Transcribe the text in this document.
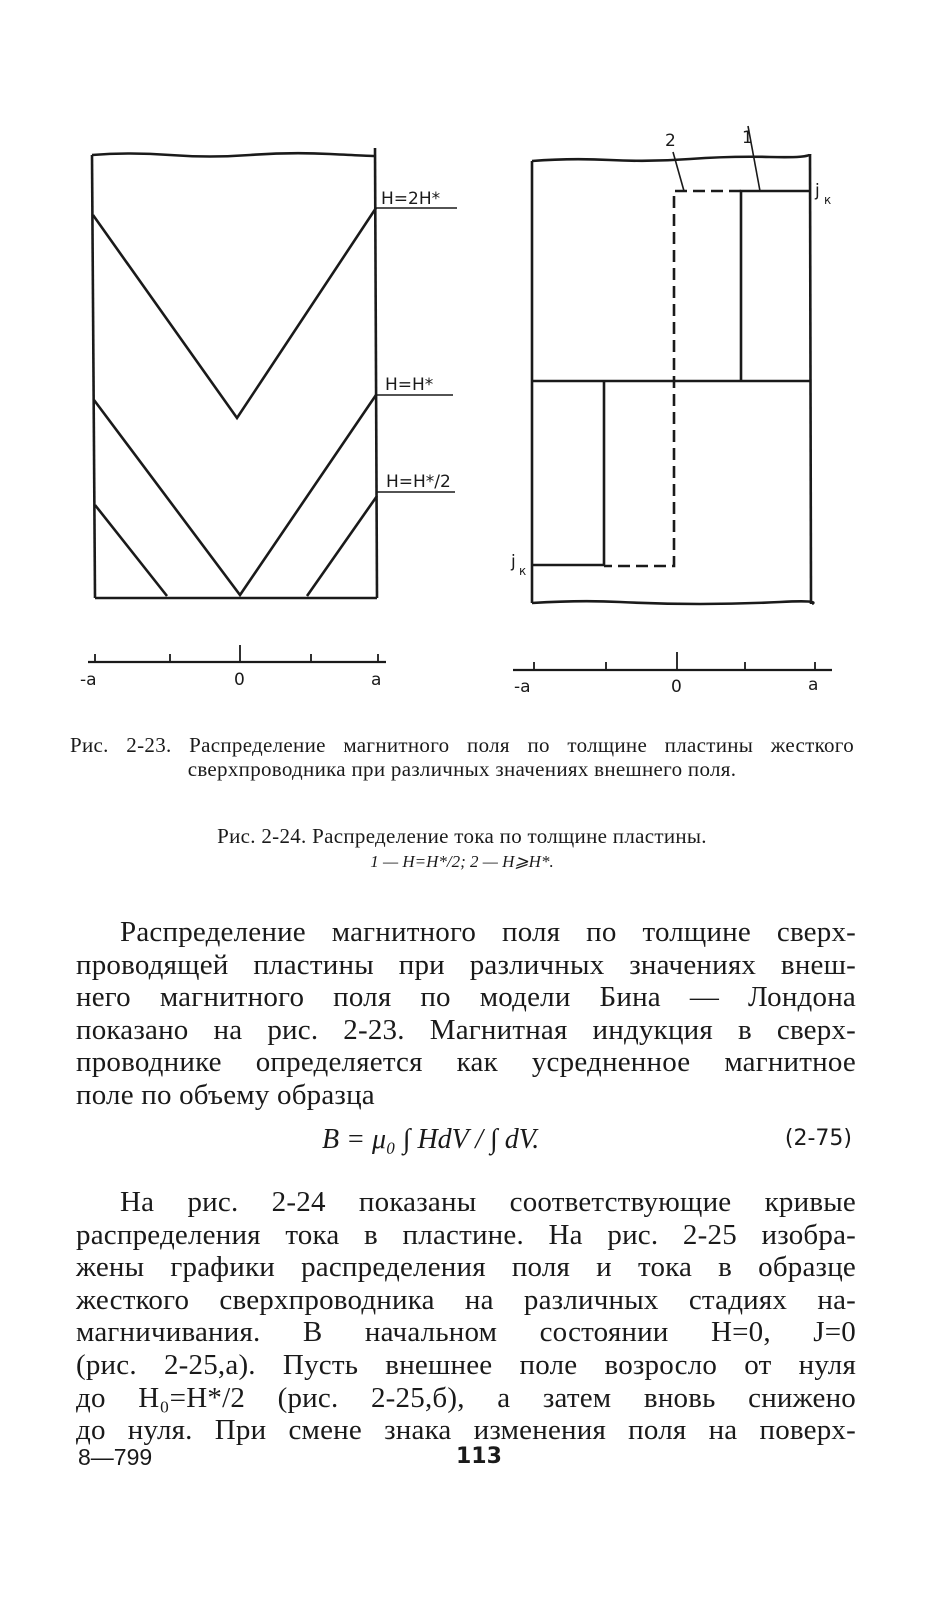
H=2H*
H=H*
H=H*/2
-a	0	a
2	1
j к
j к
-a	0	a
Рис. 2-23. Распределение магнитного поля по толщине пластины жесткого сверхпроводника при различных значениях внешнего поля.
Рис. 2-24. Распределение тока по толщине пластины.
1 — H=H*/2; 2 — H⩾H*.
Распределение магнитного поля по толщине сверх-
проводящей пластины при различных значениях внеш-
него магнитного поля по модели Бина — Лондона
показано на рис. 2-23. Магнитная индукция в сверх-
проводнике определяется как усредненное магнитное
поле по объему образца
B = μ₀ ∫ HdV / ∫ dV.	(2-75)
На рис. 2-24 показаны соответствующие кривые
распределения тока в пластине. На рис. 2-25 изобра-
жены графики распределения поля и тока в образце
жесткого сверхпроводника на различных стадиях на-
магничивания. В начальном состоянии H=0, J=0
(рис. 2-25,а). Пусть внешнее поле возросло от нуля
до H₀=H*/2 (рис. 2-25,б), а затем вновь снижено
до нуля. При смене знака изменения поля на поверх-
8—799	113
